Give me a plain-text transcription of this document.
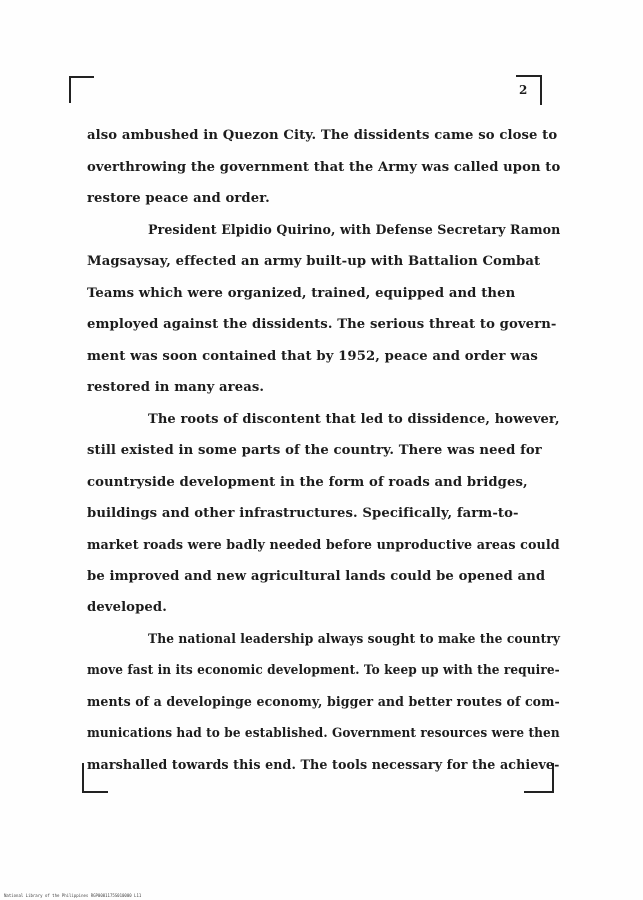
2
also ambushed in Quezon City. The dissidents came so close to
overthrowing the government that the Army was called upon to
restore peace and order.
President Elpidio Quirino, with Defense Secretary Ramon
Magsaysay, effected an army built-up with Battalion Combat
Teams which were organized, trained, equipped and then
employed against the dissidents. The serious threat to govern-
ment was soon contained that by 1952, peace and order was
restored in many areas.
The roots of discontent that led to dissidence, however,
still existed in some parts of the country. There was need for
countryside development in the form of roads and bridges,
buildings and other infrastructures. Specifically, farm-to-
market roads were badly needed before unproductive areas could
be improved and new agricultural lands could be opened and
developed.
The national leadership always sought to make the country
move fast in its economic development. To keep up with the require-
ments of a developinge economy, bigger and better routes of com-
munications had to be established. Government resources were then
marshalled towards this end. The tools necessary for the achieve-
National Library of the Philippines RGP0001175S010000 L11
